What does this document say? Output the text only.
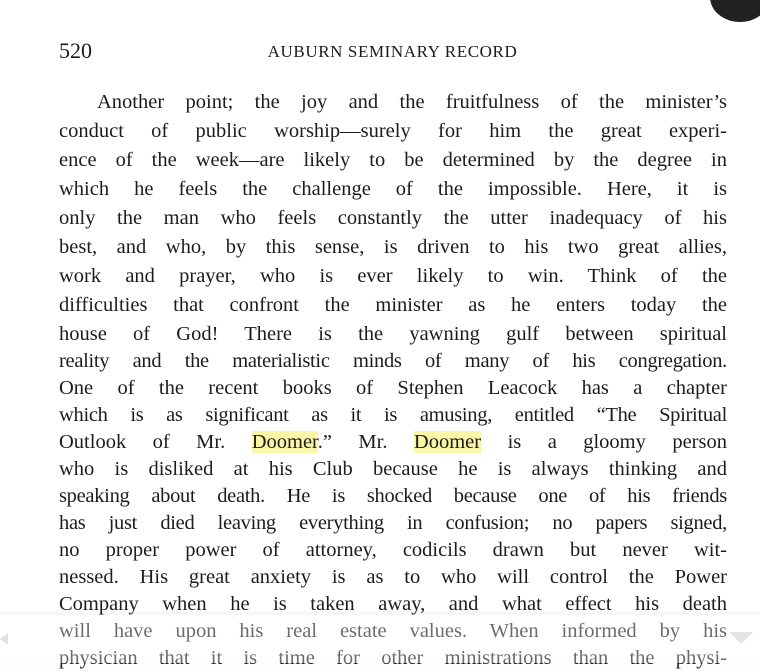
520	AUBURN SEMINARY RECORD
Another point; the joy and the fruitfulness of the minister’s
conduct of public worship—surely for him the great experi-
ence of the week—are likely to be determined by the degree in
which he feels the challenge of the impossible. Here, it is
only the man who feels constantly the utter inadequacy of his
best, and who, by this sense, is driven to his two great allies,
work and prayer, who is ever likely to win. Think of the
difficulties that confront the minister as he enters today the
house of God! There is the yawning gulf between spiritual
reality and the materialistic minds of many of his congregation.
One of the recent books of Stephen Leacock has a chapter
which is as significant as it is amusing, entitled “The Spiritual
Outlook of Mr. Doomer.” Mr. Doomer is a gloomy person
who is disliked at his Club because he is always thinking and
speaking about death. He is shocked because one of his friends
has just died leaving everything in confusion; no papers signed,
no proper power of attorney, codicils drawn but never wit-
nessed. His great anxiety is as to who will control the Power
Company when he is taken away, and what effect his death
will have upon his real estate values. When informed by his
physician that it is time for other ministrations than the physi-
